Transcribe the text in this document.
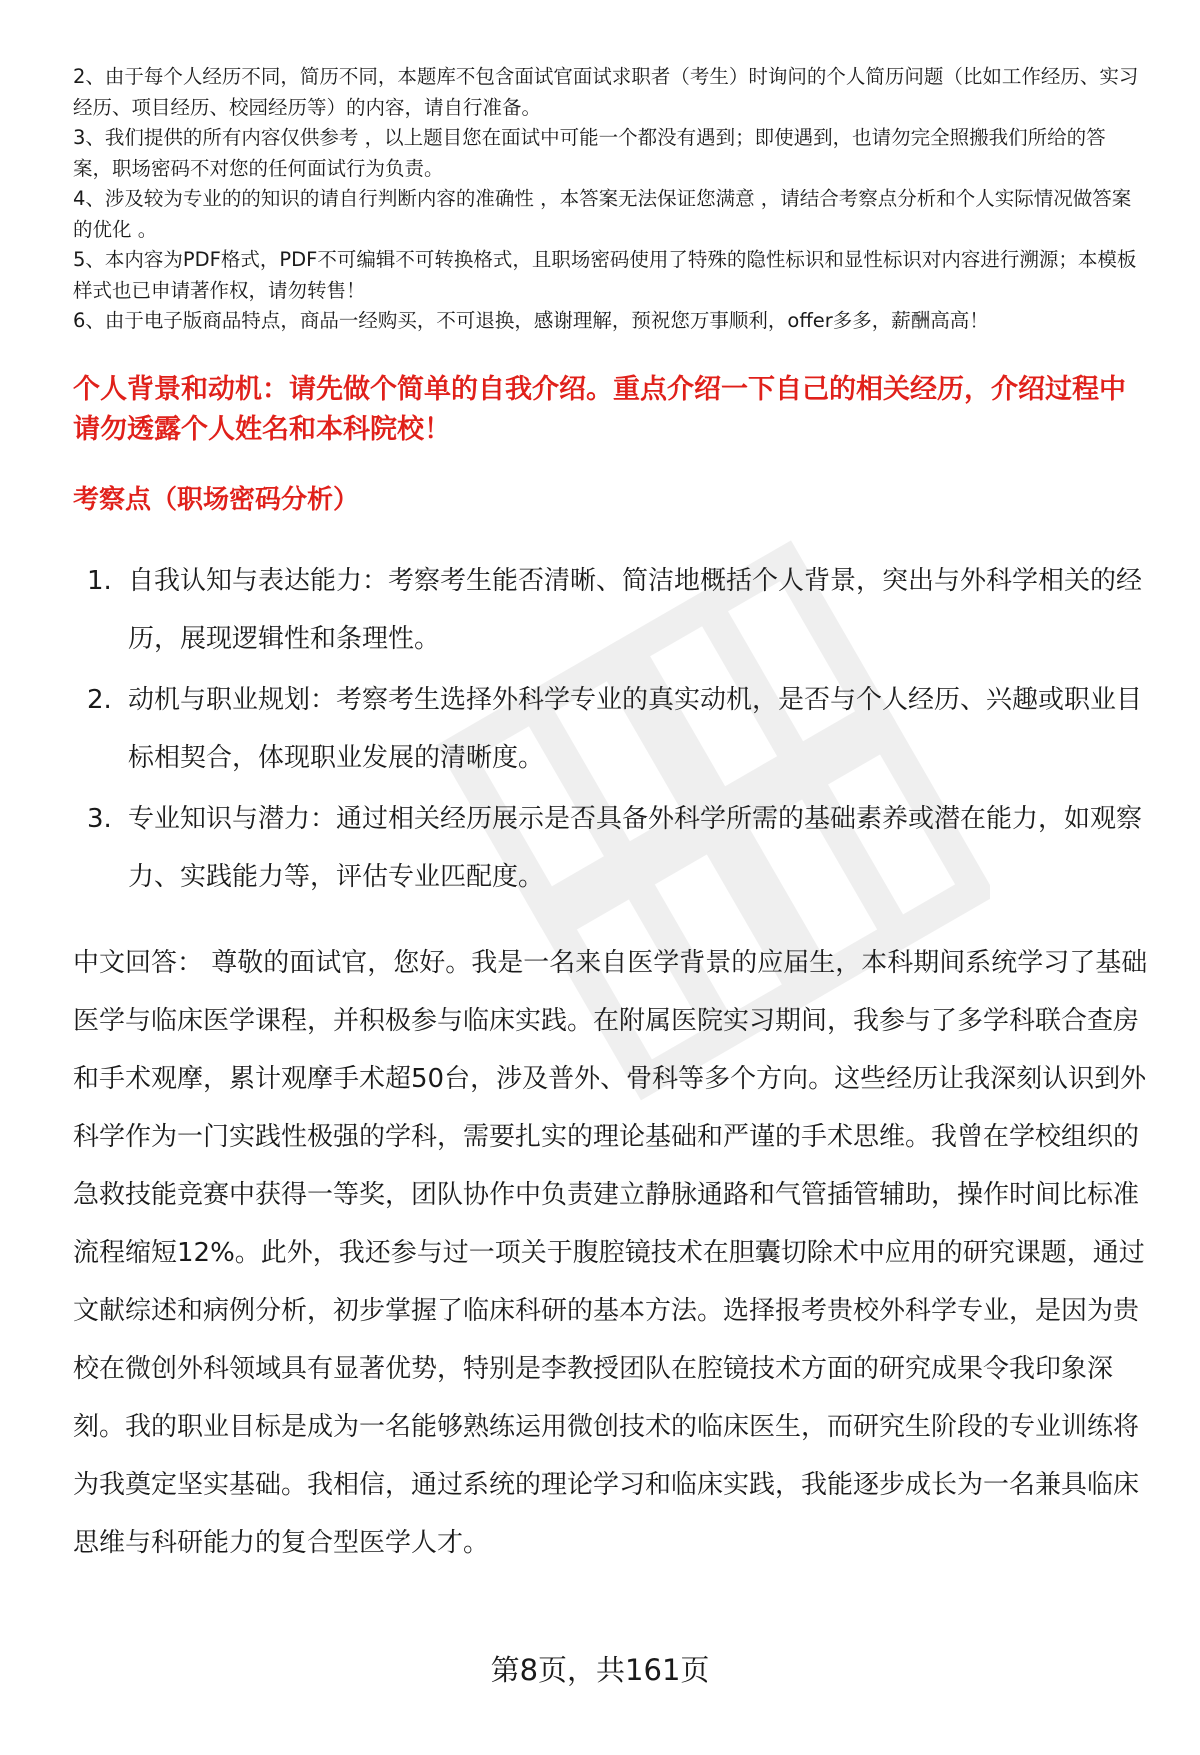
2、由于每个人经历不同，简历不同，本题库不包含面试官面试求职者（考生）时询问的个人简历问题（比如工作经历、实习经历、项目经历、校园经历等）的内容，请自行准备。

3、我们提供的所有内容仅供参考 ，以上题目您在面试中可能一个都没有遇到；即使遇到，也请勿完全照搬我们所给的答案，职场密码不对您的任何面试行为负责。

4、涉及较为专业的的知识的请自行判断内容的准确性 ，本答案无法保证您满意 ，请结合考察点分析和个人实际情况做答案的优化 。

5、本内容为PDF格式，PDF不可编辑不可转换格式，且职场密码使用了特殊的隐性标识和显性标识对内容进行溯源；本模板样式也已申请著作权，请勿转售！

6、由于电子版商品特点，商品一经购买，不可退换，感谢理解，预祝您万事顺利，offer多多，薪酬高高！

个人背景和动机：请先做个简单的自我介绍。重点介绍一下自己的相关经历，介绍过程中请勿透露个人姓名和本科院校！
考察点（职场密码分析）
1. 自我认知与表达能力：考察考生能否清晰、简洁地概括个人背景，突出与外科学相关的经历，展现逻辑性和条理性。
2. 动机与职业规划：考察考生选择外科学专业的真实动机，是否与个人经历、兴趣或职业目标相契合，体现职业发展的清晰度。
3. 专业知识与潜力：通过相关经历展示是否具备外科学所需的基础素养或潜在能力，如观察力、实践能力等，评估专业匹配度。

中文回答： 尊敬的面试官，您好。我是一名来自医学背景的应届生，本科期间系统学习了基础医学与临床医学课程，并积极参与临床实践。在附属医院实习期间，我参与了多学科联合查房和手术观摩，累计观摩手术超50台，涉及普外、骨科等多个方向。这些经历让我深刻认识到外科学作为一门实践性极强的学科，需要扎实的理论基础和严谨的手术思维。我曾在学校组织的急救技能竞赛中获得一等奖，团队协作中负责建立静脉通路和气管插管辅助，操作时间比标准流程缩短12%。此外，我还参与过一项关于腹腔镜技术在胆囊切除术中应用的研究课题，通过文献综述和病例分析，初步掌握了临床科研的基本方法。选择报考贵校外科学专业，是因为贵校在微创外科领域具有显著优势，特别是李教授团队在腔镜技术方面的研究成果令我印象深刻。我的职业目标是成为一名能够熟练运用微创技术的临床医生，而研究生阶段的专业训练将为我奠定坚实基础。我相信，通过系统的理论学习和临床实践，我能逐步成长为一名兼具临床思维与科研能力的复合型医学人才。

第8页，共161页
